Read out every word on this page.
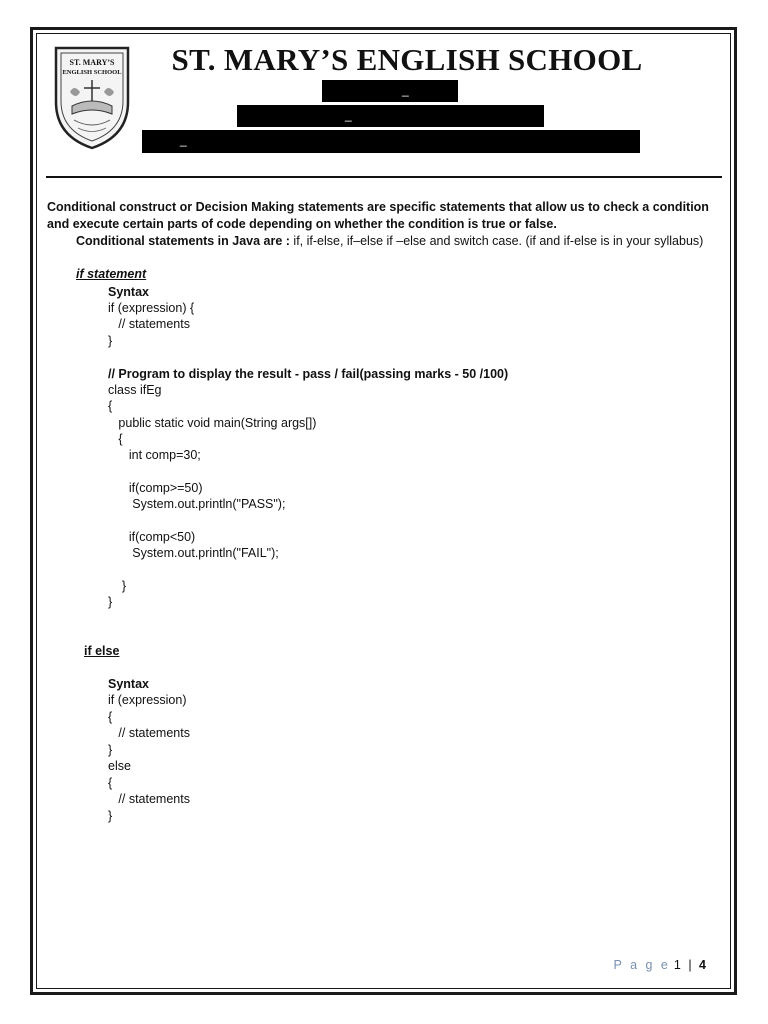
ST. MARY’S
ENGLISH SCHOOL	ST. MARY’S ENGLISH SCHOOL
_
_
_
Conditional construct or Decision Making statements are specific statements that allow us to check a condition
and execute certain parts of code depending on whether the condition is true or false.
Conditional statements in Java are : if, if-else, if–else if –else and switch case. (if and if-else is in your syllabus)
if statement
Syntax
if (expression) {
// statements
}
// Program to display the result - pass / fail(passing marks - 50 /100)
class ifEg
{
public static void main(String args[])
{
int comp=30;
if(comp>=50)
System.out.println("PASS");
if(comp<50)
System.out.println("FAIL");
}
}
if else
Syntax
if (expression)
{
// statements
}
else
{
// statements
}
P a g e 1 | 4
